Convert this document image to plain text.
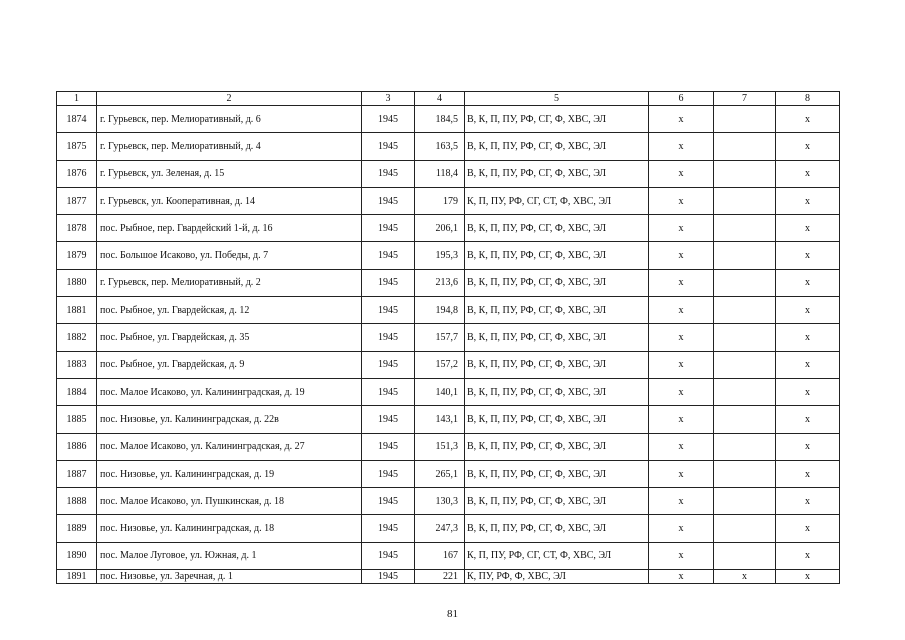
1	2	3	4	5	6	7	8
1874	г. Гурьевск, пер. Мелиоративный, д. 6	1945	184,5	В, К, П, ПУ, РФ, СГ, Ф, ХВС, ЭЛ	х		х
1875	г. Гурьевск, пер. Мелиоративный, д. 4	1945	163,5	В, К, П, ПУ, РФ, СГ, Ф, ХВС, ЭЛ	х		х
1876	г. Гурьевск, ул. Зеленая, д. 15	1945	118,4	В, К, П, ПУ, РФ, СГ, Ф, ХВС, ЭЛ	х		х
1877	г. Гурьевск, ул. Кооперативная, д. 14	1945	179	К, П, ПУ, РФ, СГ, СТ, Ф, ХВС, ЭЛ	х		х
1878	пос. Рыбное, пер. Гвардейский 1-й, д. 16	1945	206,1	В, К, П, ПУ, РФ, СГ, Ф, ХВС, ЭЛ	х		х
1879	пос. Большое Исаково, ул. Победы, д. 7	1945	195,3	В, К, П, ПУ, РФ, СГ, Ф, ХВС, ЭЛ	х		х
1880	г. Гурьевск, пер. Мелиоративный, д. 2	1945	213,6	В, К, П, ПУ, РФ, СГ, Ф, ХВС, ЭЛ	х		х
1881	пос. Рыбное, ул. Гвардейская, д. 12	1945	194,8	В, К, П, ПУ, РФ, СГ, Ф, ХВС, ЭЛ	х		х
1882	пос. Рыбное, ул. Гвардейская, д. 35	1945	157,7	В, К, П, ПУ, РФ, СГ, Ф, ХВС, ЭЛ	х		х
1883	пос. Рыбное, ул. Гвардейская, д. 9	1945	157,2	В, К, П, ПУ, РФ, СГ, Ф, ХВС, ЭЛ	х		х
1884	пос. Малое Исаково, ул. Калининградская, д. 19	1945	140,1	В, К, П, ПУ, РФ, СГ, Ф, ХВС, ЭЛ	х		х
1885	пос. Низовье, ул. Калининградская, д. 22в	1945	143,1	В, К, П, ПУ, РФ, СГ, Ф, ХВС, ЭЛ	х		х
1886	пос. Малое Исаково, ул. Калининградская, д. 27	1945	151,3	В, К, П, ПУ, РФ, СГ, Ф, ХВС, ЭЛ	х		х
1887	пос. Низовье, ул. Калининградская, д. 19	1945	265,1	В, К, П, ПУ, РФ, СГ, Ф, ХВС, ЭЛ	х		х
1888	пос. Малое Исаково, ул. Пушкинская, д. 18	1945	130,3	В, К, П, ПУ, РФ, СГ, Ф, ХВС, ЭЛ	х		х
1889	пос. Низовье, ул. Калининградская, д. 18	1945	247,3	В, К, П, ПУ, РФ, СГ, Ф, ХВС, ЭЛ	х		х
1890	пос. Малое Луговое, ул. Южная, д. 1	1945	167	К, П, ПУ, РФ, СГ, СТ, Ф, ХВС, ЭЛ	х		х
1891	пос. Низовье, ул. Заречная, д. 1	1945	221	К, ПУ, РФ, Ф, ХВС, ЭЛ	х	х	х
81
